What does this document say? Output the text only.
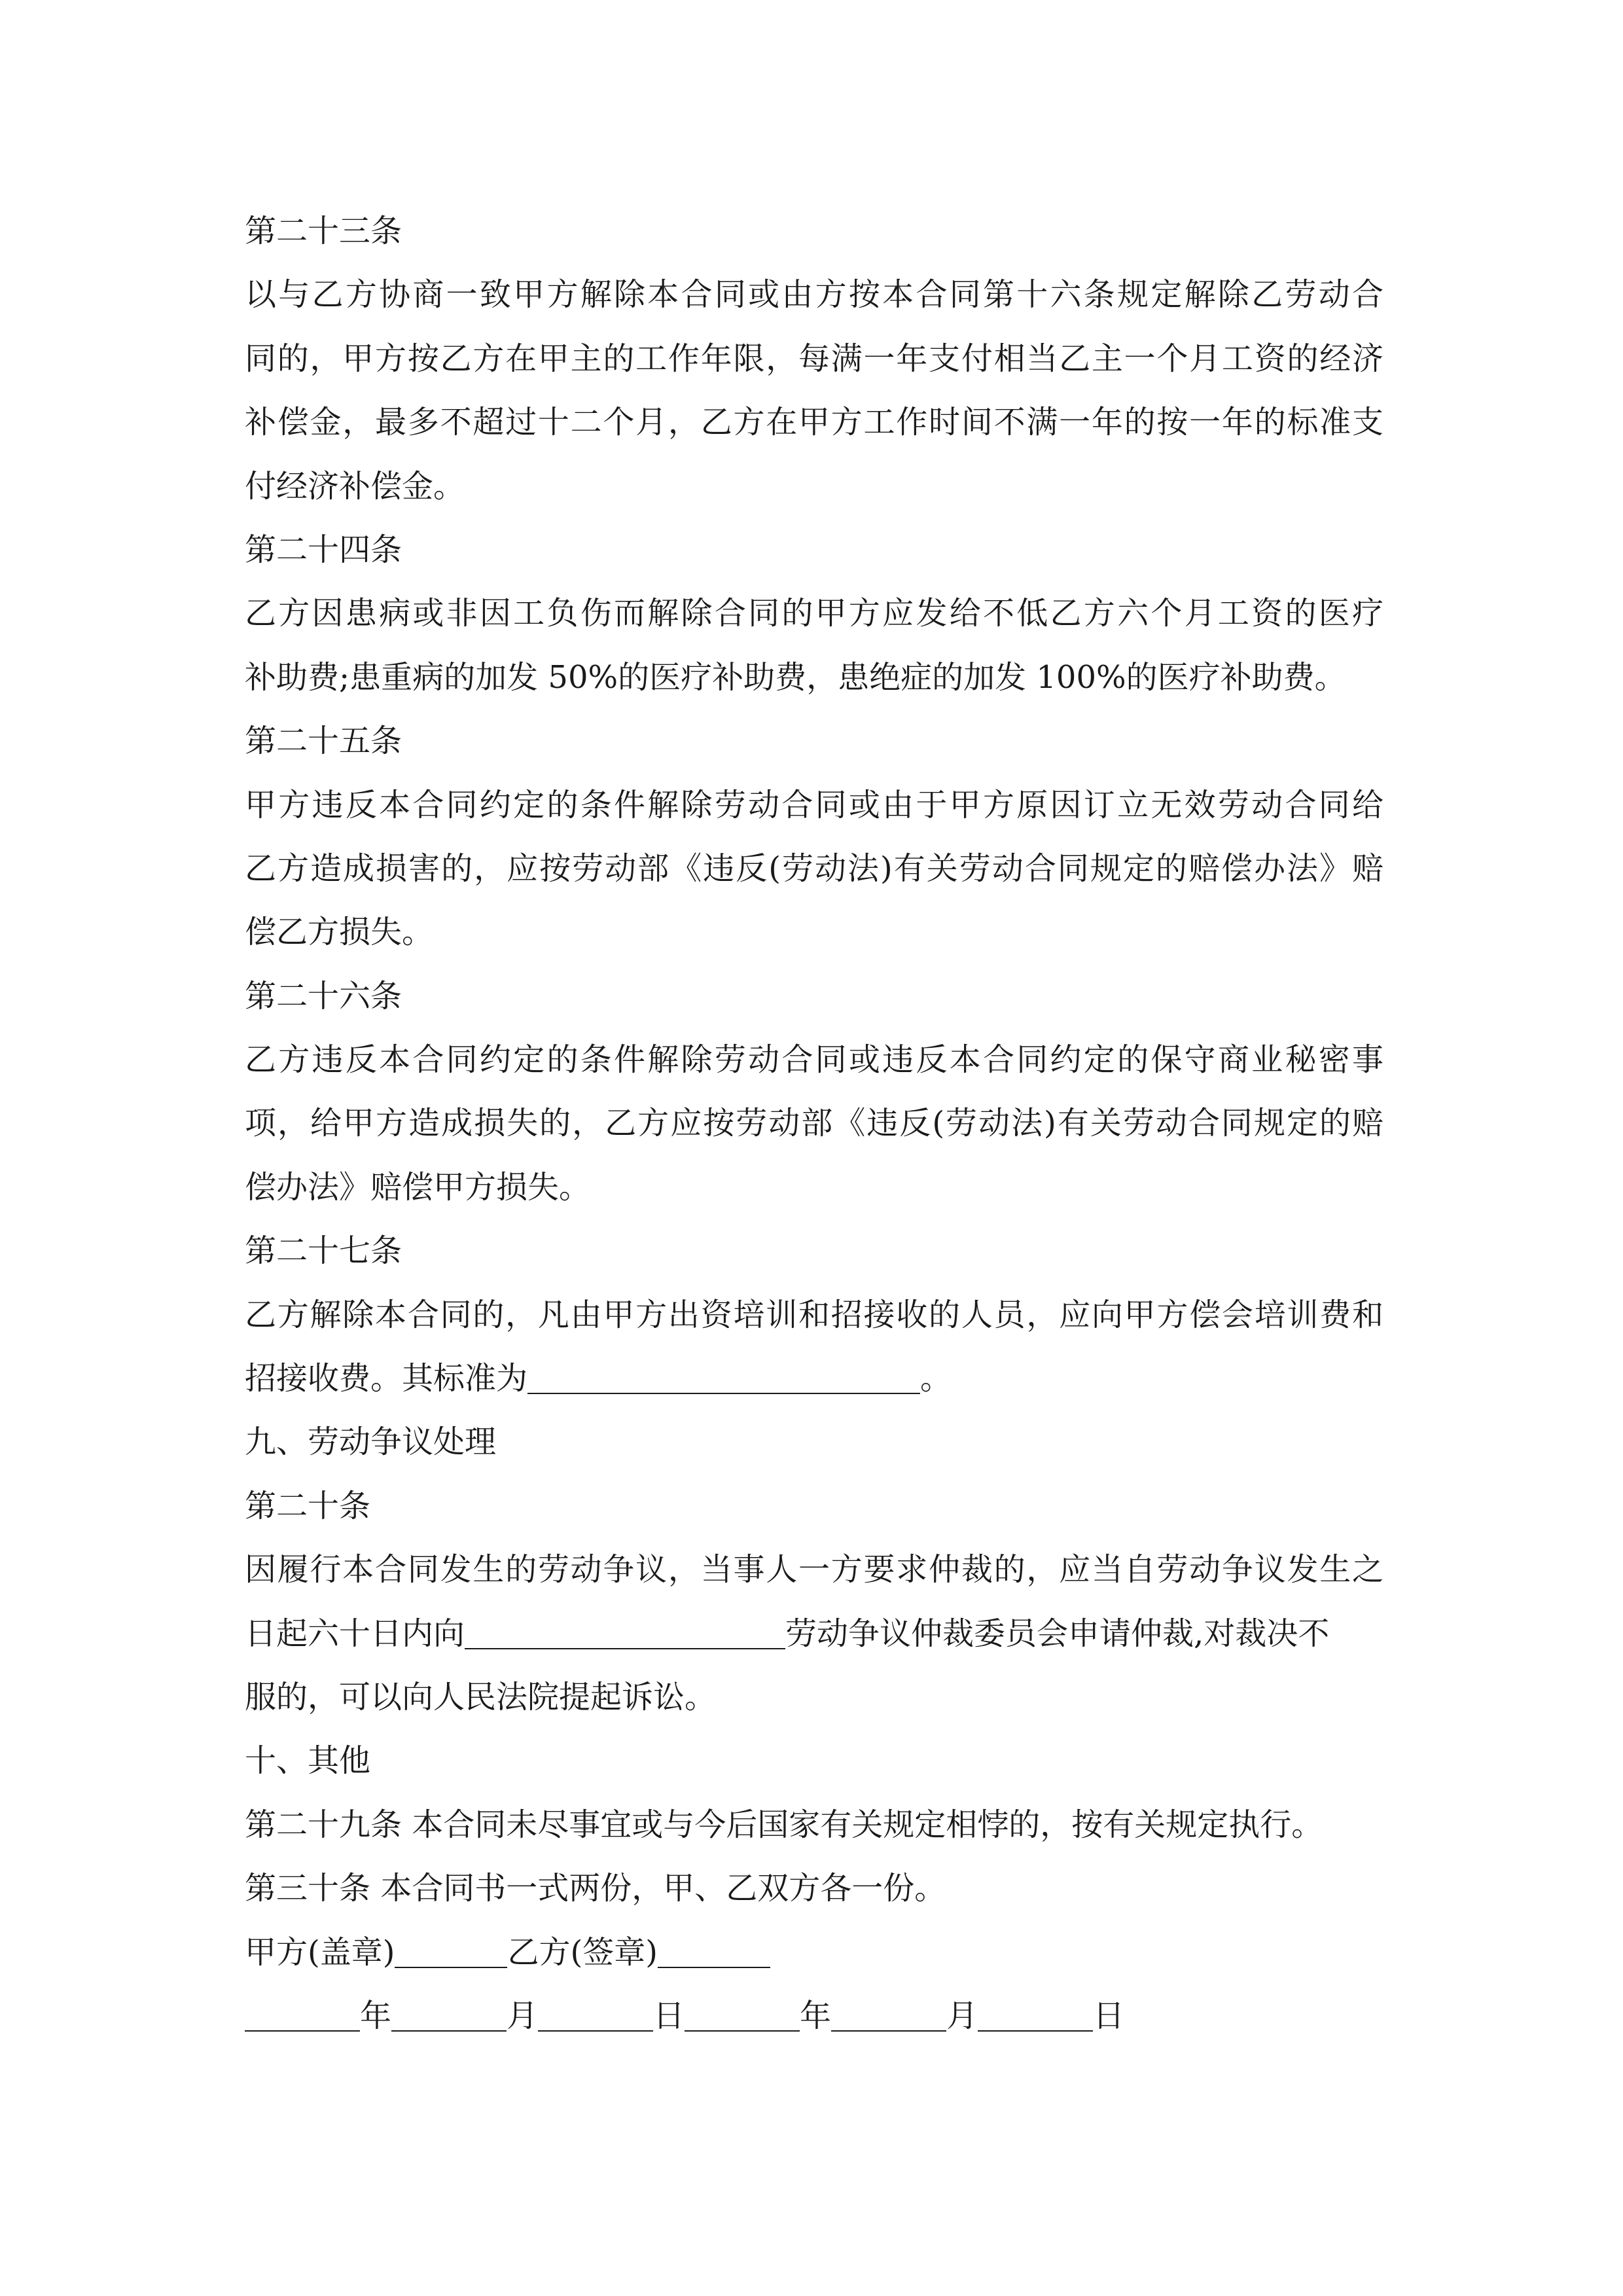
第二十三条
以与乙方协商一致甲方解除本合同或由方按本合同第十六条规定解除乙劳动合
同的，甲方按乙方在甲主的工作年限，每满一年支付相当乙主一个月工资的经济
补偿金，最多不超过十二个月，乙方在甲方工作时间不满一年的按一年的标准支
付经济补偿金。
第二十四条
乙方因患病或非因工负伤而解除合同的甲方应发给不低乙方六个月工资的医疗
补助费;患重病的加发 50%的医疗补助费，患绝症的加发 100%的医疗补助费。
第二十五条
甲方违反本合同约定的条件解除劳动合同或由于甲方原因订立无效劳动合同给
乙方造成损害的，应按劳动部《违反(劳动法)有关劳动合同规定的赔偿办法》赔
偿乙方损失。
第二十六条
乙方违反本合同约定的条件解除劳动合同或违反本合同约定的保守商业秘密事
项，给甲方造成损失的，乙方应按劳动部《违反(劳动法)有关劳动合同规定的赔
偿办法》赔偿甲方损失。
第二十七条
乙方解除本合同的，凡由甲方出资培训和招接收的人员，应向甲方偿会培训费和
招接收费。其标准为	。
九、劳动争议处理
第二十条
因履行本合同发生的劳动争议，当事人一方要求仲裁的，应当自劳动争议发生之
日起六十日内向	劳动争议仲裁委员会申请仲裁,对裁决不
服的，可以向人民法院提起诉讼。
十、其他
第二十九条 本合同未尽事宜或与今后国家有关规定相悖的，按有关规定执行。
第三十条 本合同书一式两份，甲、乙双方各一份。
甲方(盖章)	乙方(签章)
年	月	日	年	月	日
